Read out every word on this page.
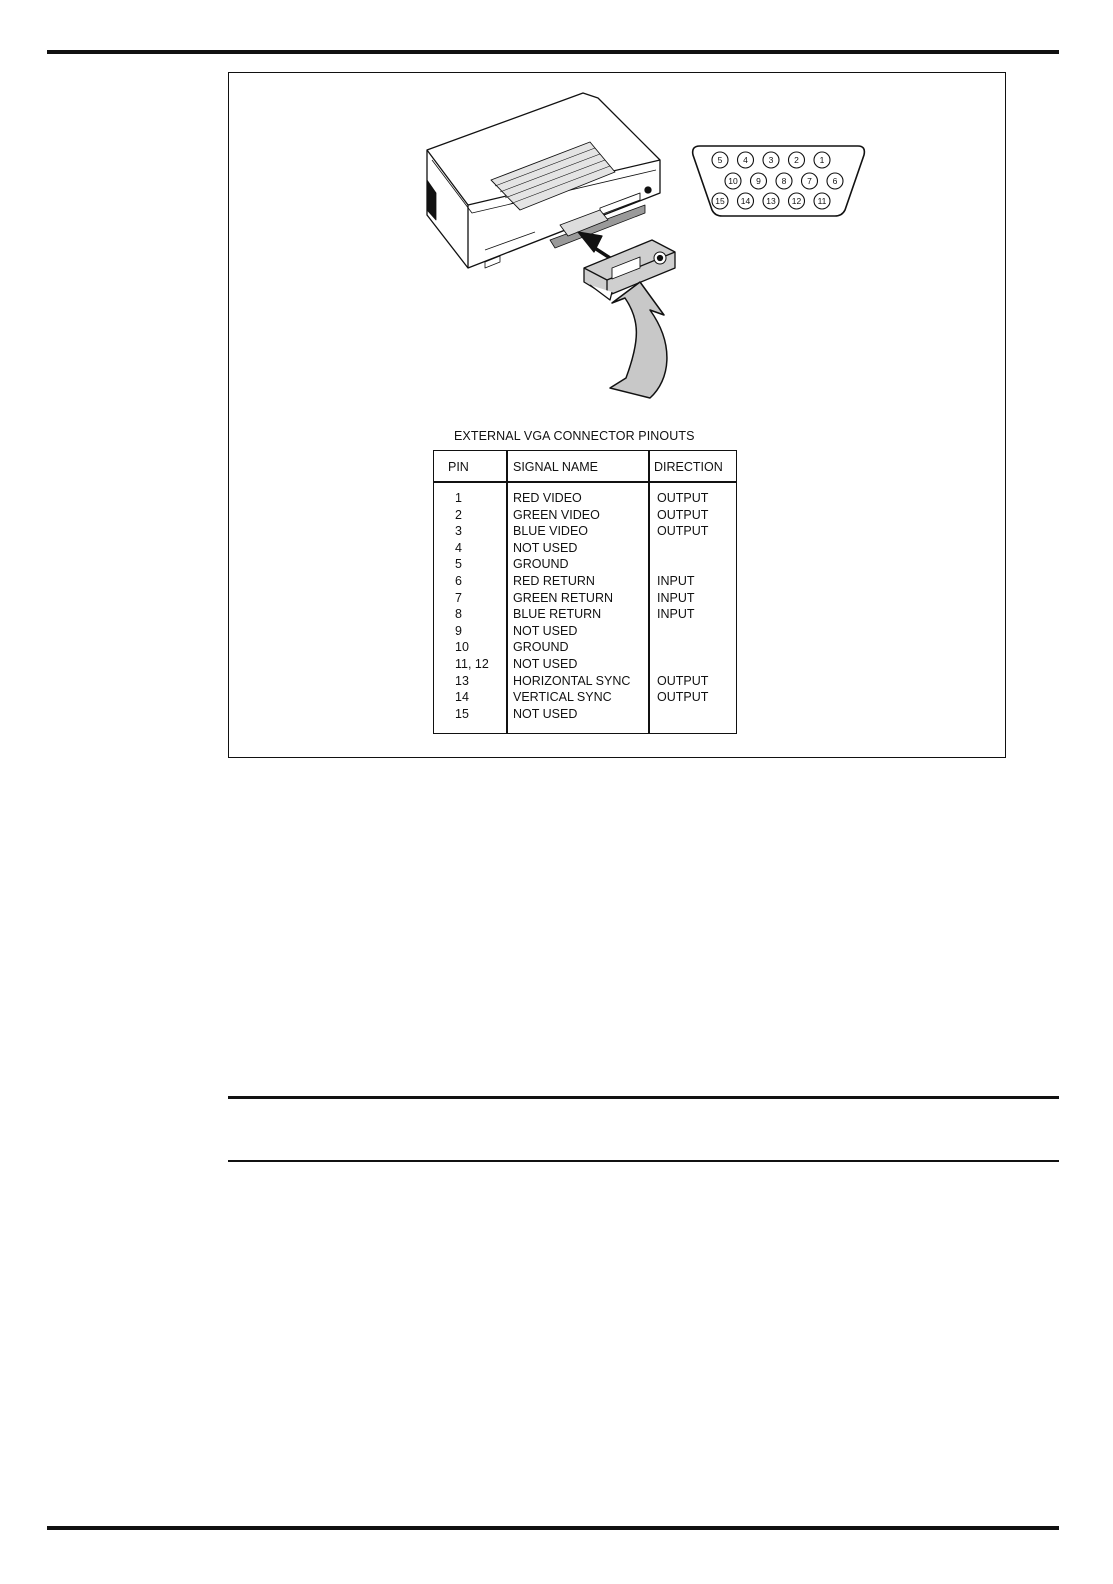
5 4 3 2 1
10 9 8 7 6
15 14 13 12 11
EXTERNAL VGA CONNECTOR PINOUTS
PIN	SIGNAL NAME	DIRECTION
1	RED VIDEO	OUTPUT
2	GREEN VIDEO	OUTPUT
3	BLUE VIDEO	OUTPUT
4	NOT USED
5	GROUND
6	RED RETURN	INPUT
7	GREEN RETURN	INPUT
8	BLUE RETURN	INPUT
9	NOT USED
10	GROUND
11, 12 NOT USED
13	HORIZONTAL SYNC OUTPUT
14	VERTICAL SYNC	OUTPUT
15	NOT USED
